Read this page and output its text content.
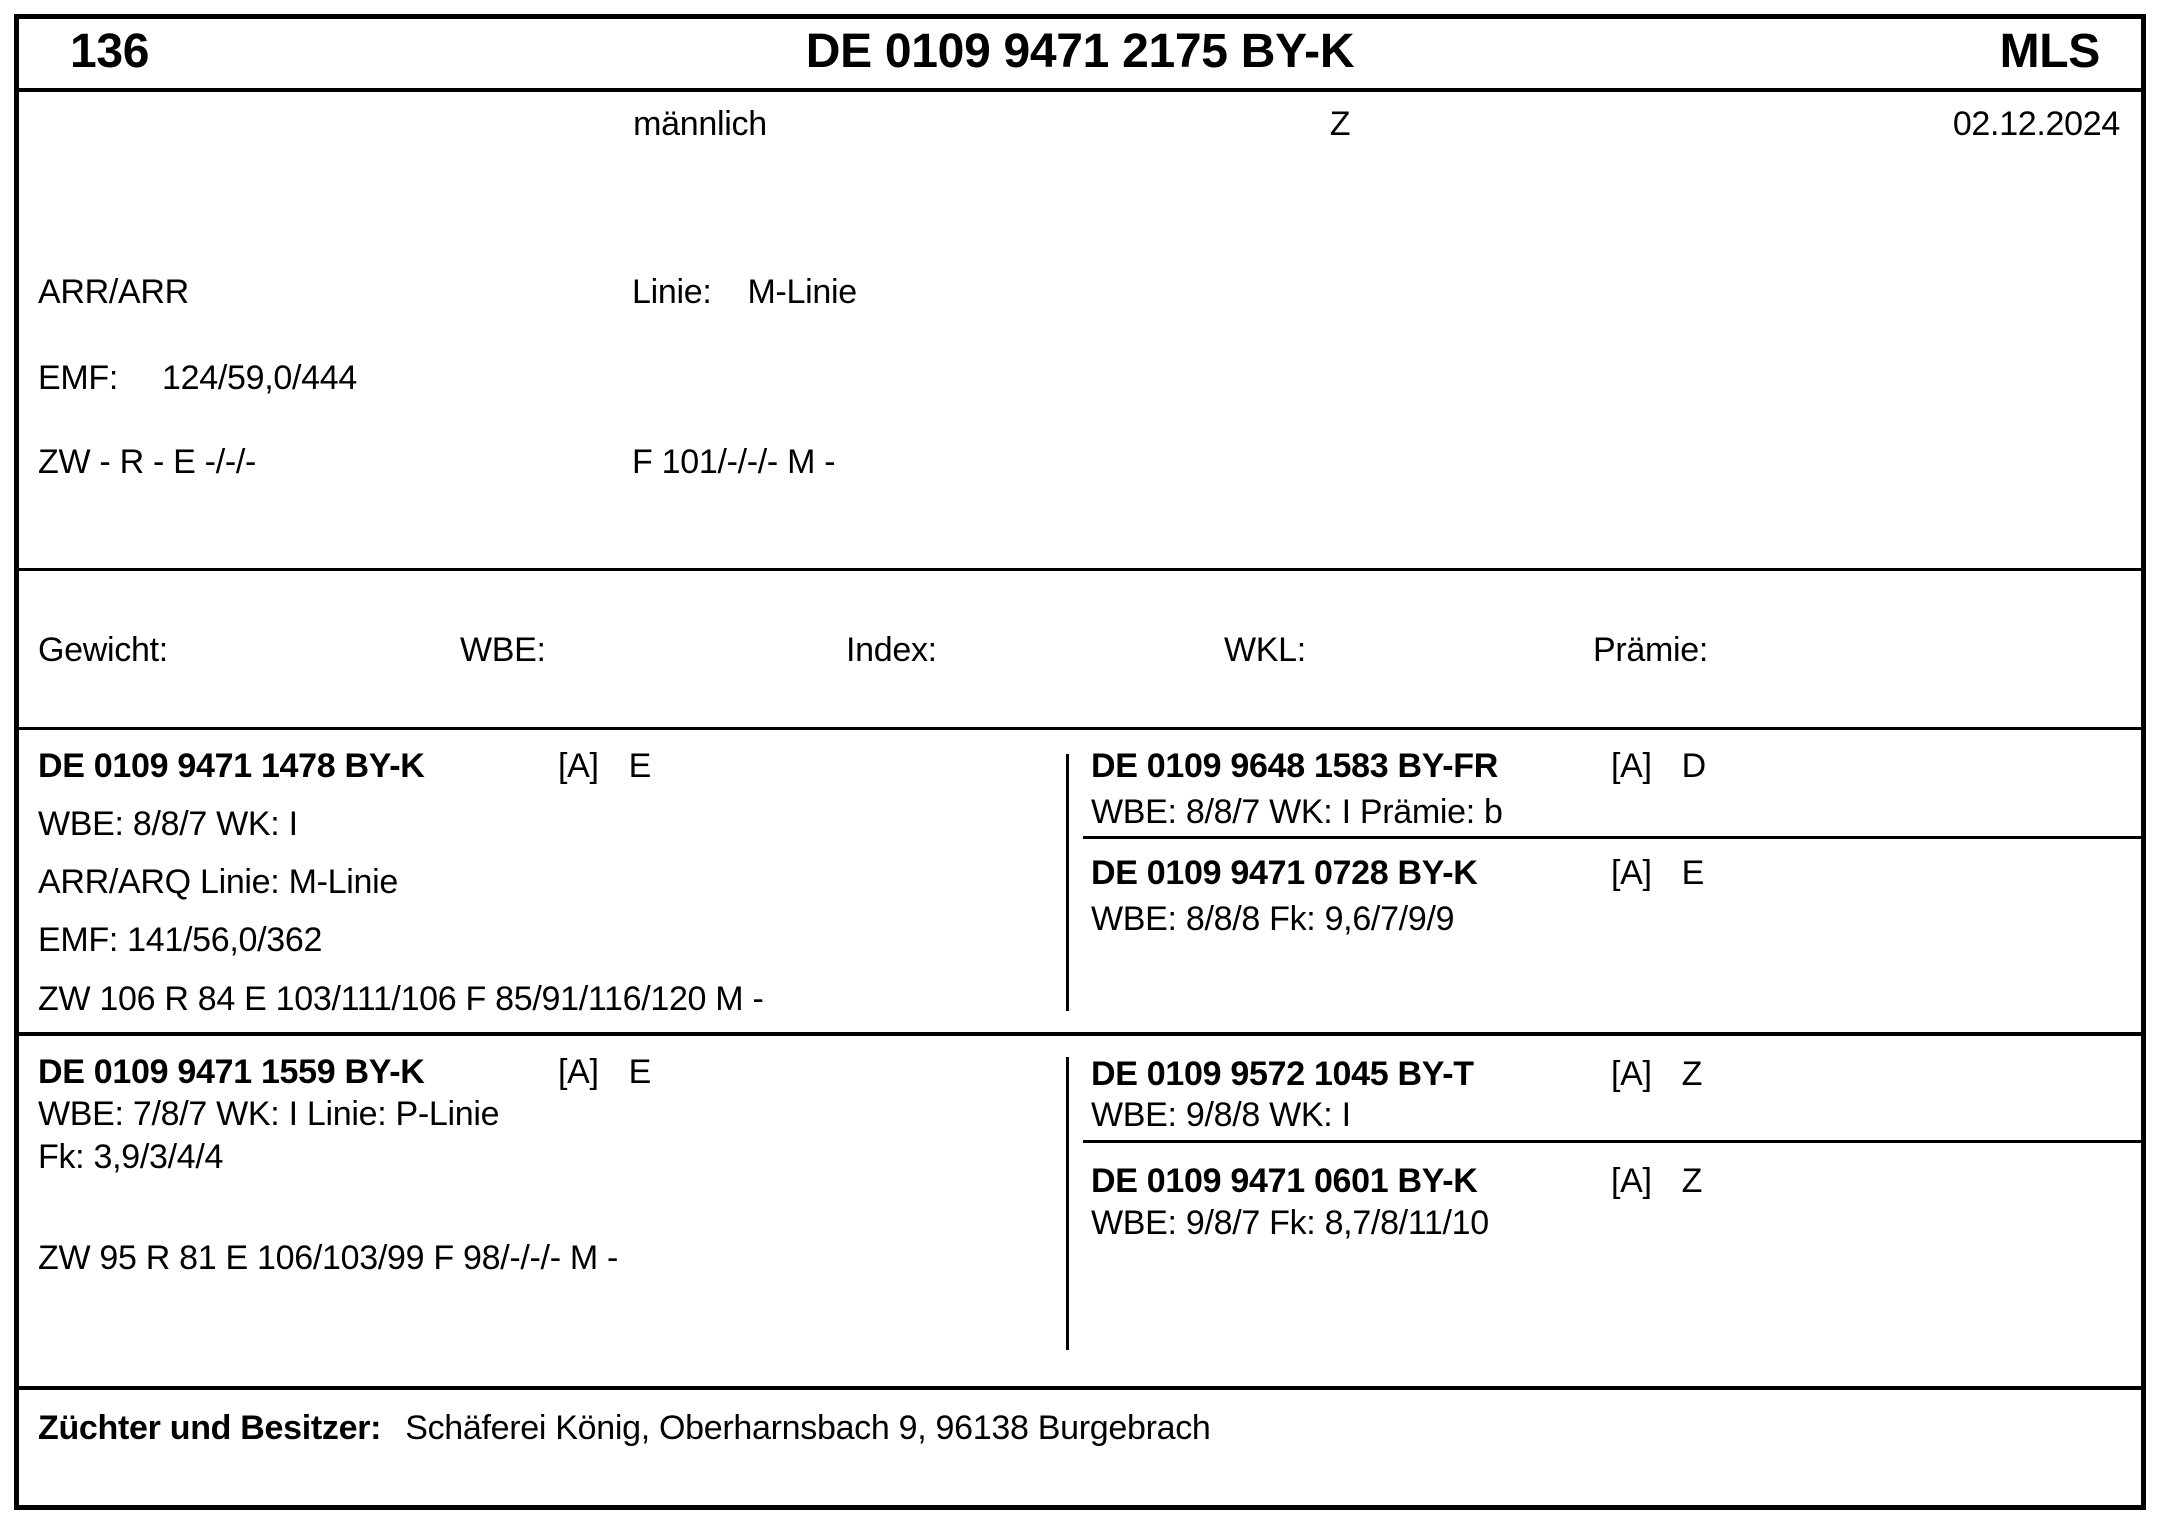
136	DE 0109 9471 2175 BY-K	MLS
männlich	Z	02.12.2024
ARR/ARR	Linie: M-Linie
EMF: 124/59,0/444
ZW - R - E -/-/-	F 101/-/-/- M -
Gewicht:	WBE:	Index:	WKL:	Prämie:
DE 0109 9471 1478 BY-K	[A] E
WBE: 8/8/7 WK: I
ARR/ARQ Linie: M-Linie
EMF: 141/56,0/362
ZW 106 R 84 E 103/111/106 F 85/91/116/120 M -
DE 0109 9648 1583 BY-FR	[A] D
WBE: 8/8/7 WK: I Prämie: b
DE 0109 9471 0728 BY-K	[A] E
WBE: 8/8/8 Fk: 9,6/7/9/9
DE 0109 9471 1559 BY-K	[A] E
WBE: 7/8/7 WK: I Linie: P-Linie
Fk: 3,9/3/4/4
ZW 95 R 81 E 106/103/99 F 98/-/-/- M -
DE 0109 9572 1045 BY-T	[A] Z
WBE: 9/8/8 WK: I
DE 0109 9471 0601 BY-K	[A] Z
WBE: 9/8/7 Fk: 8,7/8/11/10
Züchter und Besitzer: Schäferei König, Oberharnsbach 9, 96138 Burgebrach
